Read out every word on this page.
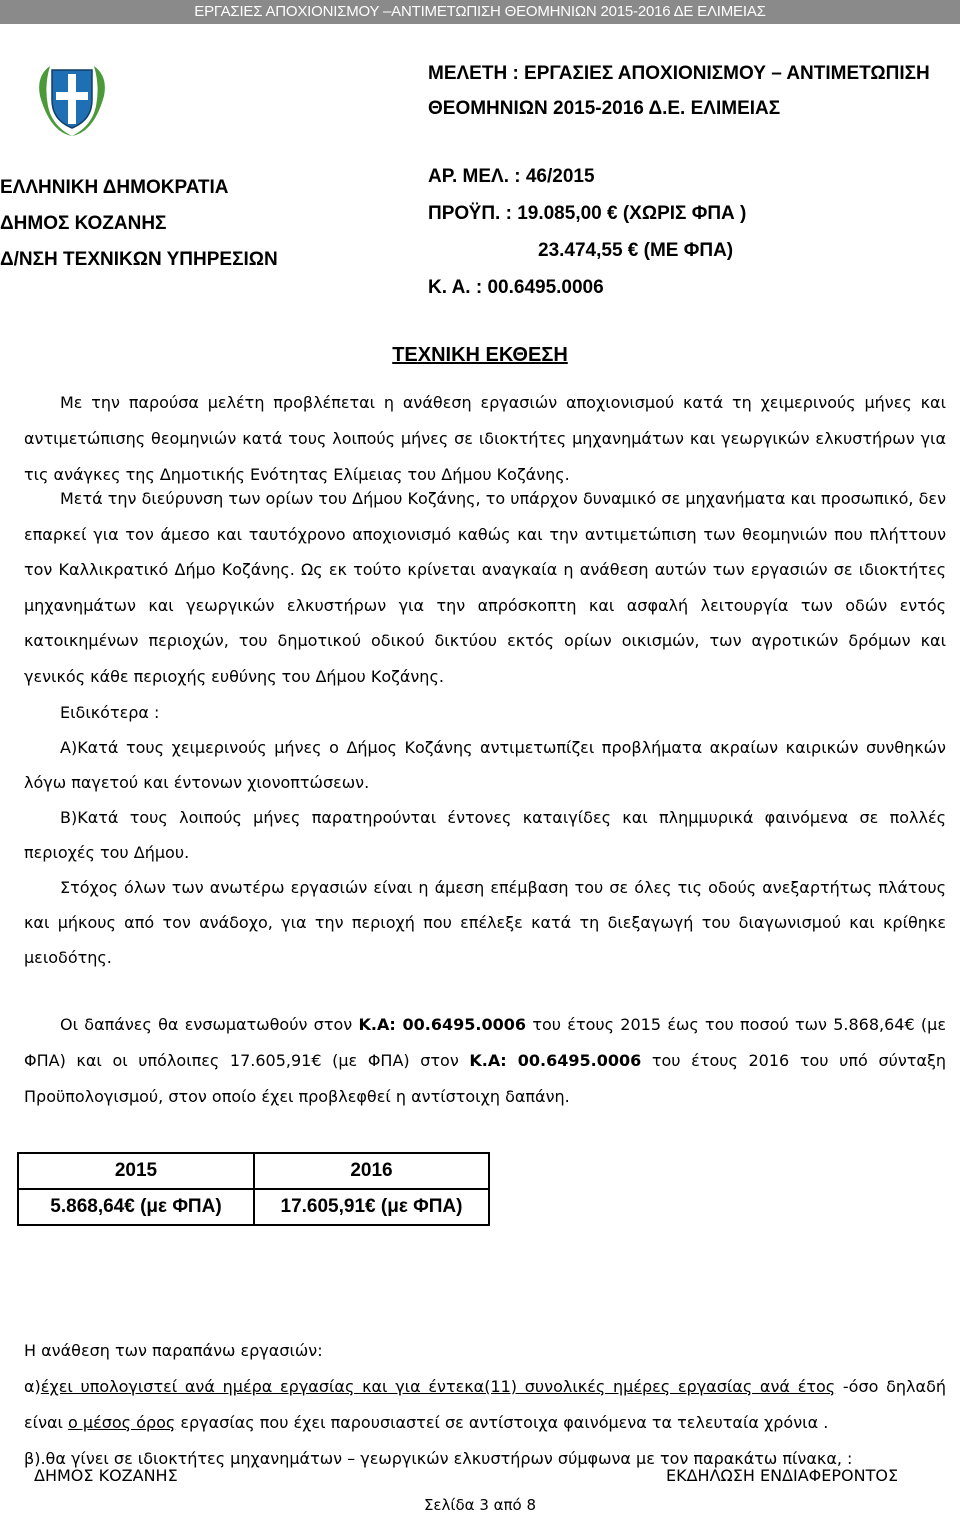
ΕΡΓΑΣΙΕΣ ΑΠΟΧΙΟΝΙΣΜΟΥ –ΑΝΤΙΜΕΤΩΠΙΣΗ ΘΕΟΜΗΝΙΩΝ 2015-2016 ΔΕ ΕΛΙΜΕΙΑΣ
ΜΕΛΕΤΗ : ΕΡΓΑΣΙΕΣ ΑΠΟΧΙΟΝΙΣΜΟΥ – ΑΝΤΙΜΕΤΩΠΙΣΗ
ΘΕΟΜΗΝΙΩΝ 2015-2016 Δ.Ε. ΕΛΙΜΕΙΑΣ
ΕΛΛΗΝΙΚΗ ΔΗΜΟΚΡΑΤΙΑ
ΔΗΜΟΣ ΚΟΖΑΝΗΣ
Δ/ΝΣΗ ΤΕΧΝΙΚΩΝ ΥΠΗΡΕΣΙΩΝ
ΑΡ. ΜΕΛ. : 46/2015
ΠΡΟΫΠ. : 19.085,00 € (ΧΩΡΙΣ ΦΠΑ )
23.474,55 € (ΜΕ ΦΠΑ)
Κ. Α. : 00.6495.0006
ΤΕΧΝΙΚΗ ΕΚΘΕΣΗ

Με την παρούσα μελέτη προβλέπεται η ανάθεση εργασιών αποχιονισμού κατά τη χειμερινούς μήνες και αντιμετώπισης θεομηνιών κατά τους λοιπούς μήνες σε ιδιοκτήτες μηχανημάτων και γεωργικών ελκυστήρων για τις ανάγκες της Δημοτικής Ενότητας Ελίμειας του Δήμου Κοζάνης.

Μετά την διεύρυνση των ορίων του Δήμου Κοζάνης, το υπάρχον δυναμικό σε μηχανήματα και προσωπικό, δεν επαρκεί για τον άμεσο και ταυτόχρονο αποχιονισμό καθώς και την αντιμετώπιση των θεομηνιών που πλήττουν τον Καλλικρατικό Δήμο Κοζάνης. Ως εκ τούτο κρίνεται αναγκαία η ανάθεση αυτών των εργασιών σε ιδιοκτήτες μηχανημάτων και γεωργικών ελκυστήρων για την απρόσκοπτη και ασφαλή λειτουργία των οδών εντός κατοικημένων περιοχών, του δημοτικού οδικού δικτύου εκτός ορίων οικισμών, των αγροτικών δρόμων και γενικός κάθε περιοχής ευθύνης του Δήμου Κοζάνης.

Ειδικότερα :

Α)Κατά τους χειμερινούς μήνες ο Δήμος Κοζάνης αντιμετωπίζει προβλήματα ακραίων καιρικών συνθηκών λόγω παγετού και έντονων χιονοπτώσεων.

Β)Κατά τους λοιπούς μήνες παρατηρούνται έντονες καταιγίδες και πλημμυρικά φαινόμενα σε πολλές περιοχές του Δήμου.

Στόχος όλων των ανωτέρω εργασιών είναι η άμεση επέμβαση του σε όλες τις οδούς ανεξαρτήτως πλάτους και μήκους από τον ανάδοχο, για την περιοχή που επέλεξε κατά τη διεξαγωγή του διαγωνισμού και κρίθηκε μειοδότης.

Οι δαπάνες θα ενσωματωθούν στον Κ.Α: 00.6495.0006 του έτους 2015 έως του ποσού των 5.868,64€ (με ΦΠΑ) και οι υπόλοιπες 17.605,91€ (με ΦΠΑ) στον Κ.Α: 00.6495.0006 του έτους 2016 του υπό σύνταξη Προϋπολογισμού, στον οποίο έχει προβλεφθεί η αντίστοιχη δαπάνη.

2015	2016
5.868,64€ (με ΦΠΑ)	17.605,91€ (με ΦΠΑ)

Η ανάθεση των παραπάνω εργασιών:

α)έχει υπολογιστεί ανά ημέρα εργασίας και για έντεκα(11) συνολικές ημέρες εργασίας ανά έτος -όσο δηλαδή είναι ο μέσος όρος εργασίας που έχει παρουσιαστεί σε αντίστοιχα φαινόμενα τα τελευταία χρόνια .

β).θα γίνει σε ιδιοκτήτες μηχανημάτων – γεωργικών ελκυστήρων σύμφωνα με τον παρακάτω πίνακα, :

ΔΗΜΟΣ ΚΟΖΑΝΗΣ	ΕΚΔΗΛΩΣΗ ΕΝΔΙΑΦΕΡΟΝΤΟΣ
Σελίδα 3 από 8
